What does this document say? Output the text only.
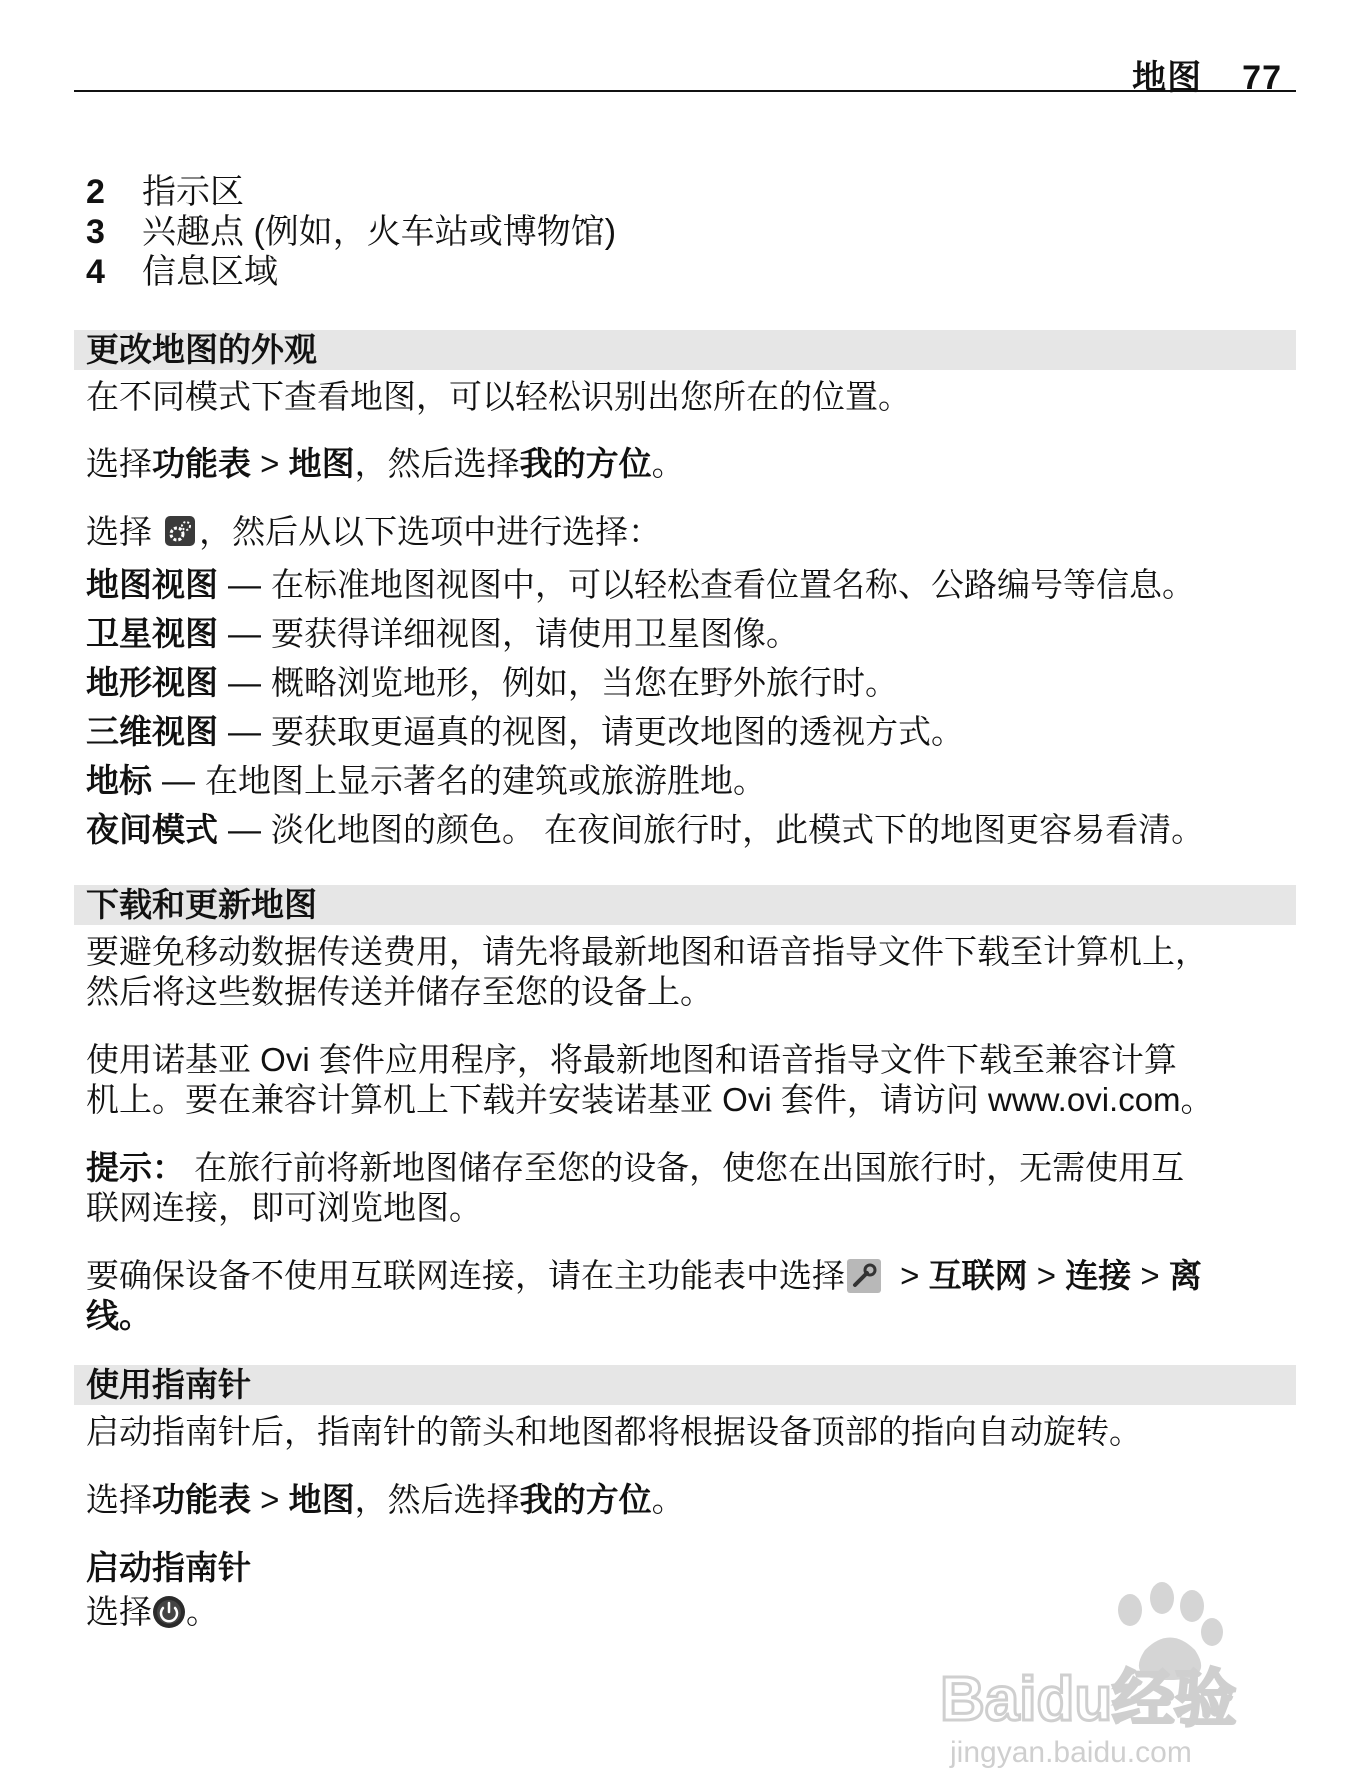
地图 77
2 指示区
3 兴趣点 (例如，火车站或博物馆)
4 信息区域
更改地图的外观
在不同模式下查看地图，可以轻松识别出您所在的位置。
选择功能表 > 地图，然后选择我的方位。
选择 ，然后从以下选项中进行选择：
地图视图 — 在标准地图视图中，可以轻松查看位置名称、公路编号等信息。
卫星视图 — 要获得详细视图，请使用卫星图像。
地形视图 — 概略浏览地形，例如，当您在野外旅行时。
三维视图 — 要获取更逼真的视图，请更改地图的透视方式。
地标 — 在地图上显示著名的建筑或旅游胜地。
夜间模式 — 淡化地图的颜色。 在夜间旅行时，此模式下的地图更容易看清。
下载和更新地图
要避免移动数据传送费用，请先将最新地图和语音指导文件下载至计算机上，
然后将这些数据传送并储存至您的设备上。
使用诺基亚 Ovi 套件应用程序，将最新地图和语音指导文件下载至兼容计算
机上。要在兼容计算机上下载并安装诺基亚 Ovi 套件，请访问 www.ovi.com。
提示： 在旅行前将新地图储存至您的设备，使您在出国旅行时，无需使用互
联网连接，即可浏览地图。
要确保设备不使用互联网连接，请在主功能表中选择 > 互联网 > 连接 > 离
线。
使用指南针
启动指南针后，指南针的箭头和地图都将根据设备顶部的指向自动旋转。
选择功能表 > 地图，然后选择我的方位。
启动指南针
选择 。
Baidu经验
jingyan.baidu.com
